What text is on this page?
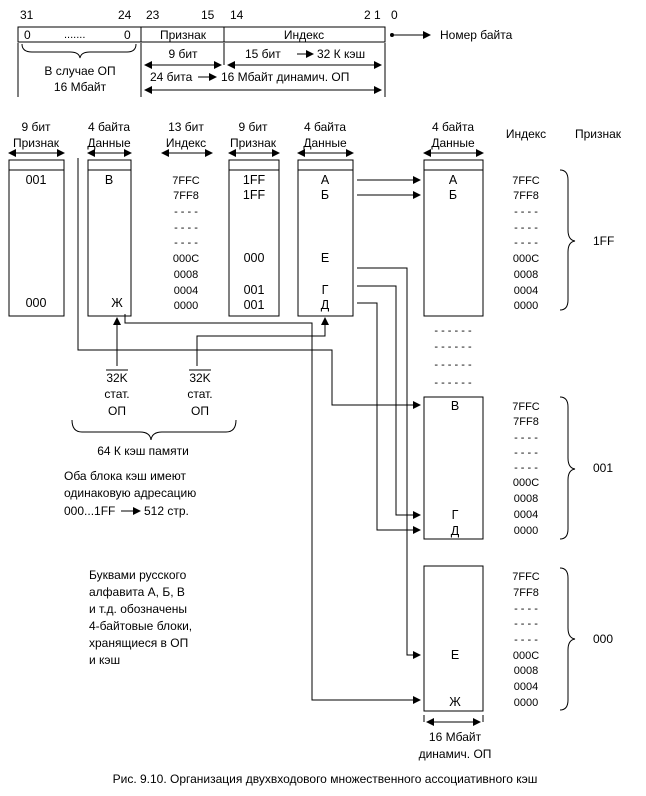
31	24 23	15 14	2 1 0
0	.......	0 Признак	Индекс	Номер байта
В случае ОП
16 Мбайт
9 бит	15 бит	32 К кэш
24 бита 16 Мбайт динамич. ОП
9 бит
Признак
4 байта
Данные
13 бит
Индекс
9 бит
Признак
4 байта
Данные
4 байта
Данные
Индекс Признак
001
000
В
Ж
7FFC
7FF8
- - - -
- - - -
- - - -
000C
0008
0004
0000
1FF
1FF
000
001
001
А
Б
Е
Г
Д
32K
стат.
ОП
32K
стат.
ОП
64 К кэш памяти
Оба блока кэш имеют
одинаковую адресацию
000...1FF 512 стр.
Буквами русского
алфавита А, Б, В
и т.д. обозначены
4-байтовые блоки,
хранящиеся в ОП
и кэш
А
Б
1FF
7FFC
7FF8
- - - -
- - - -
- - - -
000C
0008
0004
0000
- - - - - -
- - - - - -
- - - - - -
- - - - - -
В
Г
Д
001
7FFC
7FF8
- - - -
- - - -
- - - -
000C
0008
0004
0000
Е
Ж
000
7FFC
7FF8
- - - -
- - - -
- - - -
000C
0008
0004
0000
16 Мбайт
динамич. ОП
Рис. 9.10. Организация двухвходового множественного ассоциативного кэш
